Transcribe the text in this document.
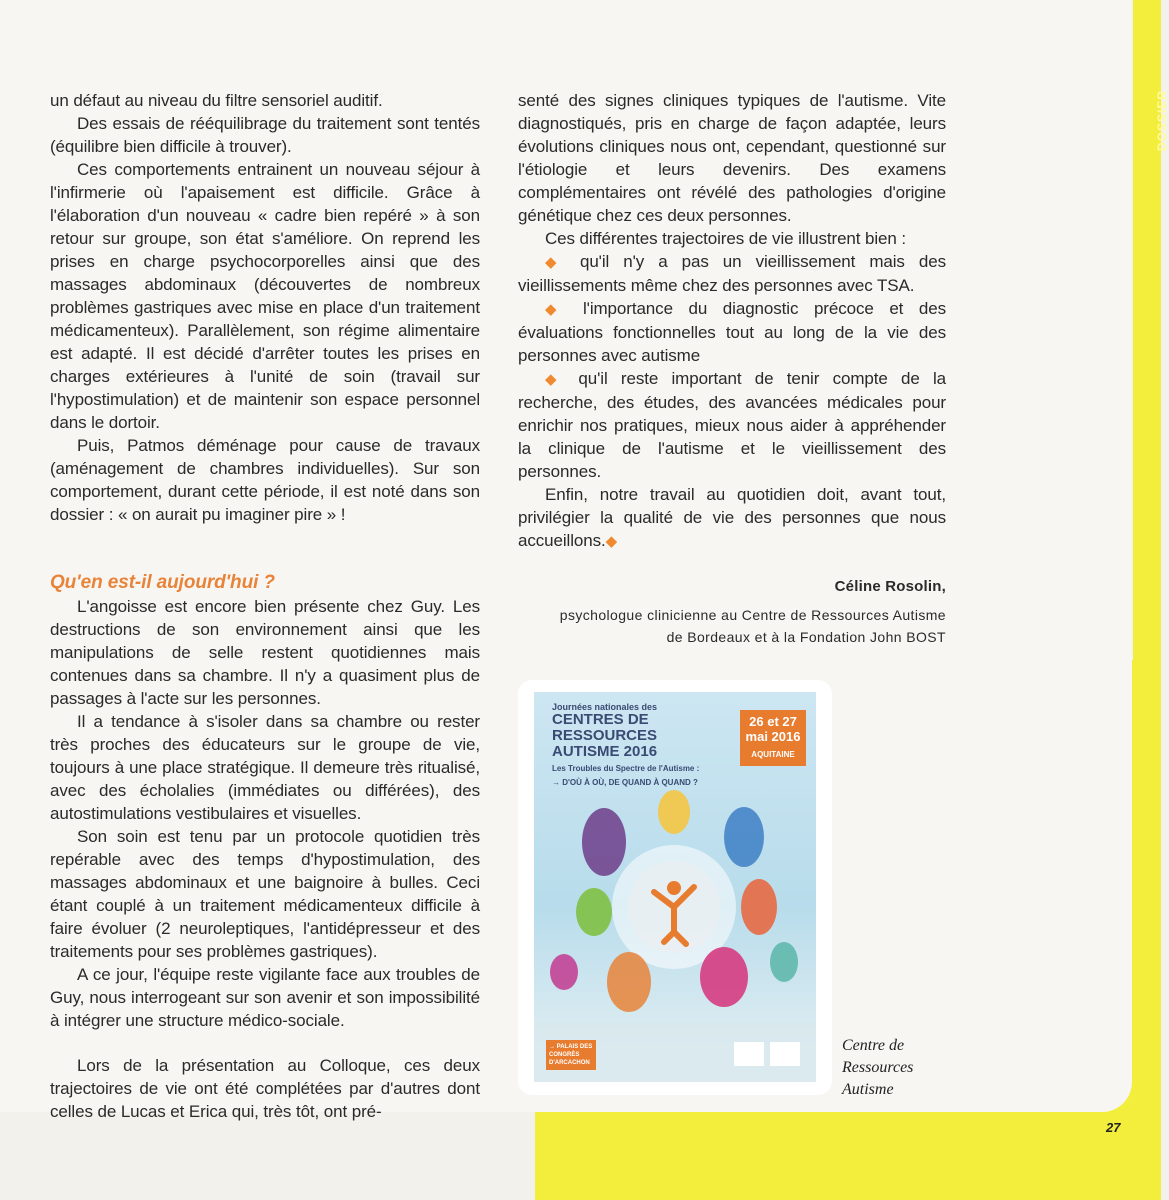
DOSSIER

un défaut au niveau du filtre sensoriel auditif.

Des essais de rééquilibrage du traitement sont tentés (équilibre bien difficile à trouver).

Ces comportements entrainent un nouveau séjour à l'infirmerie où l'apaisement est difficile. Grâce à l'élaboration d'un nouveau « cadre bien repéré » à son retour sur groupe, son état s'améliore. On reprend les prises en charge psychocorporelles ainsi que des massages abdominaux (découvertes de nombreux problèmes gastriques avec mise en place d'un traitement médicamenteux). Parallèlement, son régime alimentaire est adapté. Il est décidé d'arrêter toutes les prises en charges extérieures à l'unité de soin (travail sur l'hypostimulation) et de maintenir son espace personnel dans le dortoir.

Puis, Patmos déménage pour cause de travaux (aménagement de chambres individuelles). Sur son comportement, durant cette période, il est noté dans son dossier : « on aurait pu imaginer pire » !

Qu'en est-il aujourd'hui ?

L'angoisse est encore bien présente chez Guy. Les destructions de son environnement ainsi que les manipulations de selle restent quotidiennes mais contenues dans sa chambre. Il n'y a quasiment plus de passages à l'acte sur les personnes.

Il a tendance à s'isoler dans sa chambre ou rester très proches des éducateurs sur le groupe de vie, toujours à une place stratégique. Il demeure très ritualisé, avec des écholalies (immédiates ou différées), des autostimulations vestibulaires et visuelles.

Son soin est tenu par un protocole quotidien très repérable avec des temps d'hypostimulation, des massages abdominaux et une baignoire à bulles. Ceci étant couplé à un traitement médicamenteux difficile à faire évoluer (2 neuroleptiques, l'antidépresseur et des traitements pour ses problèmes gastriques).

A ce jour, l'équipe reste vigilante face aux troubles de Guy, nous interrogeant sur son avenir et son impossibilité à intégrer une structure médico-sociale.

Lors de la présentation au Colloque, ces deux trajectoires de vie ont été complétées par d'autres dont celles de Lucas et Erica qui, très tôt, ont pré-

senté des signes cliniques typiques de l'autisme. Vite diagnostiqués, pris en charge de façon adaptée, leurs évolutions cliniques nous ont, cependant, questionné sur l'étiologie et leurs devenirs. Des examens complémentaires ont révélé des pathologies d'origine génétique chez ces deux personnes.

Ces différentes trajectoires de vie illustrent bien :

◆ qu'il n'y a pas un vieillissement mais des vieillissements même chez des personnes avec TSA.

◆ l'importance du diagnostic précoce et des évaluations fonctionnelles tout au long de la vie des personnes avec autisme

◆ qu'il reste important de tenir compte de la recherche, des études, des avancées médicales pour enrichir nos pratiques, mieux nous aider à appréhender la clinique de l'autisme et le vieillissement des personnes.

Enfin, notre travail au quotidien doit, avant tout, privilégier la qualité de vie des personnes que nous accueillons.◆

Céline Rosolin,
psychologue clinicienne au Centre de Ressources Autisme
de Bordeaux et à la Fondation John BOST
Journées nationales des
CENTRES DE
RESSOURCES
AUTISME 2016
Les Troubles du Spectre de l'Autisme :
→ D'OÙ À OÙ, DE QUAND À QUAND ?
26 et 27
mai 2016
AQUITAINE
→ PALAIS DES CONGRÈS D'ARCACHON
Centre de
Ressources
Autisme
27
